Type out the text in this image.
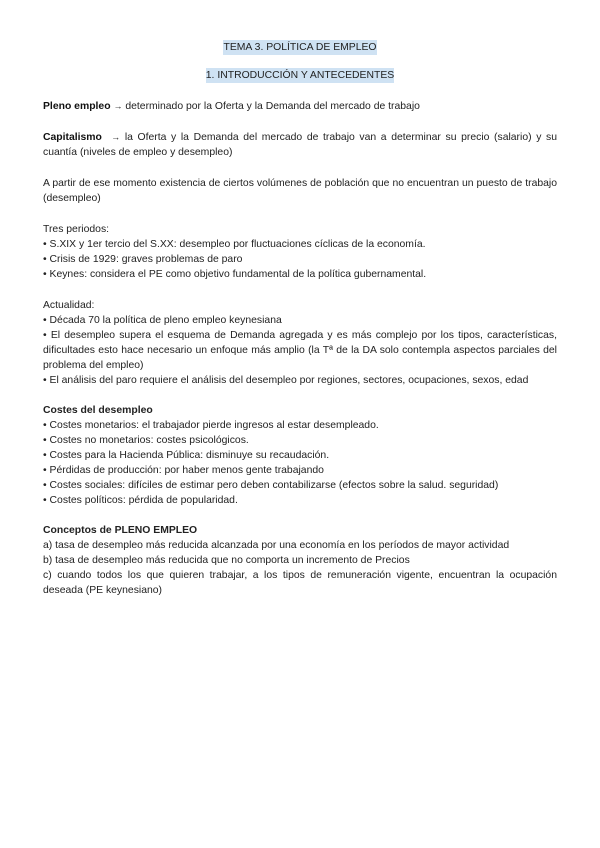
TEMA 3. POLÍTICA DE EMPLEO
1. INTRODUCCIÓN Y ANTECEDENTES

Pleno empleo → determinado por la Oferta y la Demanda del mercado de trabajo

Capitalismo → la Oferta y la Demanda del mercado de trabajo van a determinar su precio (salario) y su cuantía (niveles de empleo y desempleo)

A partir de ese momento existencia de ciertos volúmenes de población que no encuentran un puesto de trabajo (desempleo)

Tres periodos:

• S.XIX y 1er tercio del S.XX: desempleo por fluctuaciones cíclicas de la economía.
• Crisis de 1929: graves problemas de paro
• Keynes: considera el PE como objetivo fundamental de la política gubernamental.

Actualidad:

• Década 70 la política de pleno empleo keynesiana
• El desempleo supera el esquema de Demanda agregada y es más complejo por los tipos, características, dificultades esto hace necesario un enfoque más amplio (la Tª de la DA solo contempla aspectos parciales del problema del empleo)
• El análisis del paro requiere el análisis del desempleo por regiones, sectores, ocupaciones, sexos, edad

Costes del desempleo

• Costes monetarios: el trabajador pierde ingresos al estar desempleado.
• Costes no monetarios: costes psicológicos.
• Costes para la Hacienda Pública: disminuye su recaudación.
• Pérdidas de producción: por haber menos gente trabajando
• Costes sociales: difíciles de estimar pero deben contabilizarse (efectos sobre la salud. seguridad)
• Costes políticos: pérdida de popularidad.

Conceptos de PLENO EMPLEO

a) tasa de desempleo más reducida alcanzada por una economía en los períodos de mayor actividad

b) tasa de desempleo más reducida que no comporta un incremento de Precios

c) cuando todos los que quieren trabajar, a los tipos de remuneración vigente, encuentran la ocupación deseada (PE keynesiano)
